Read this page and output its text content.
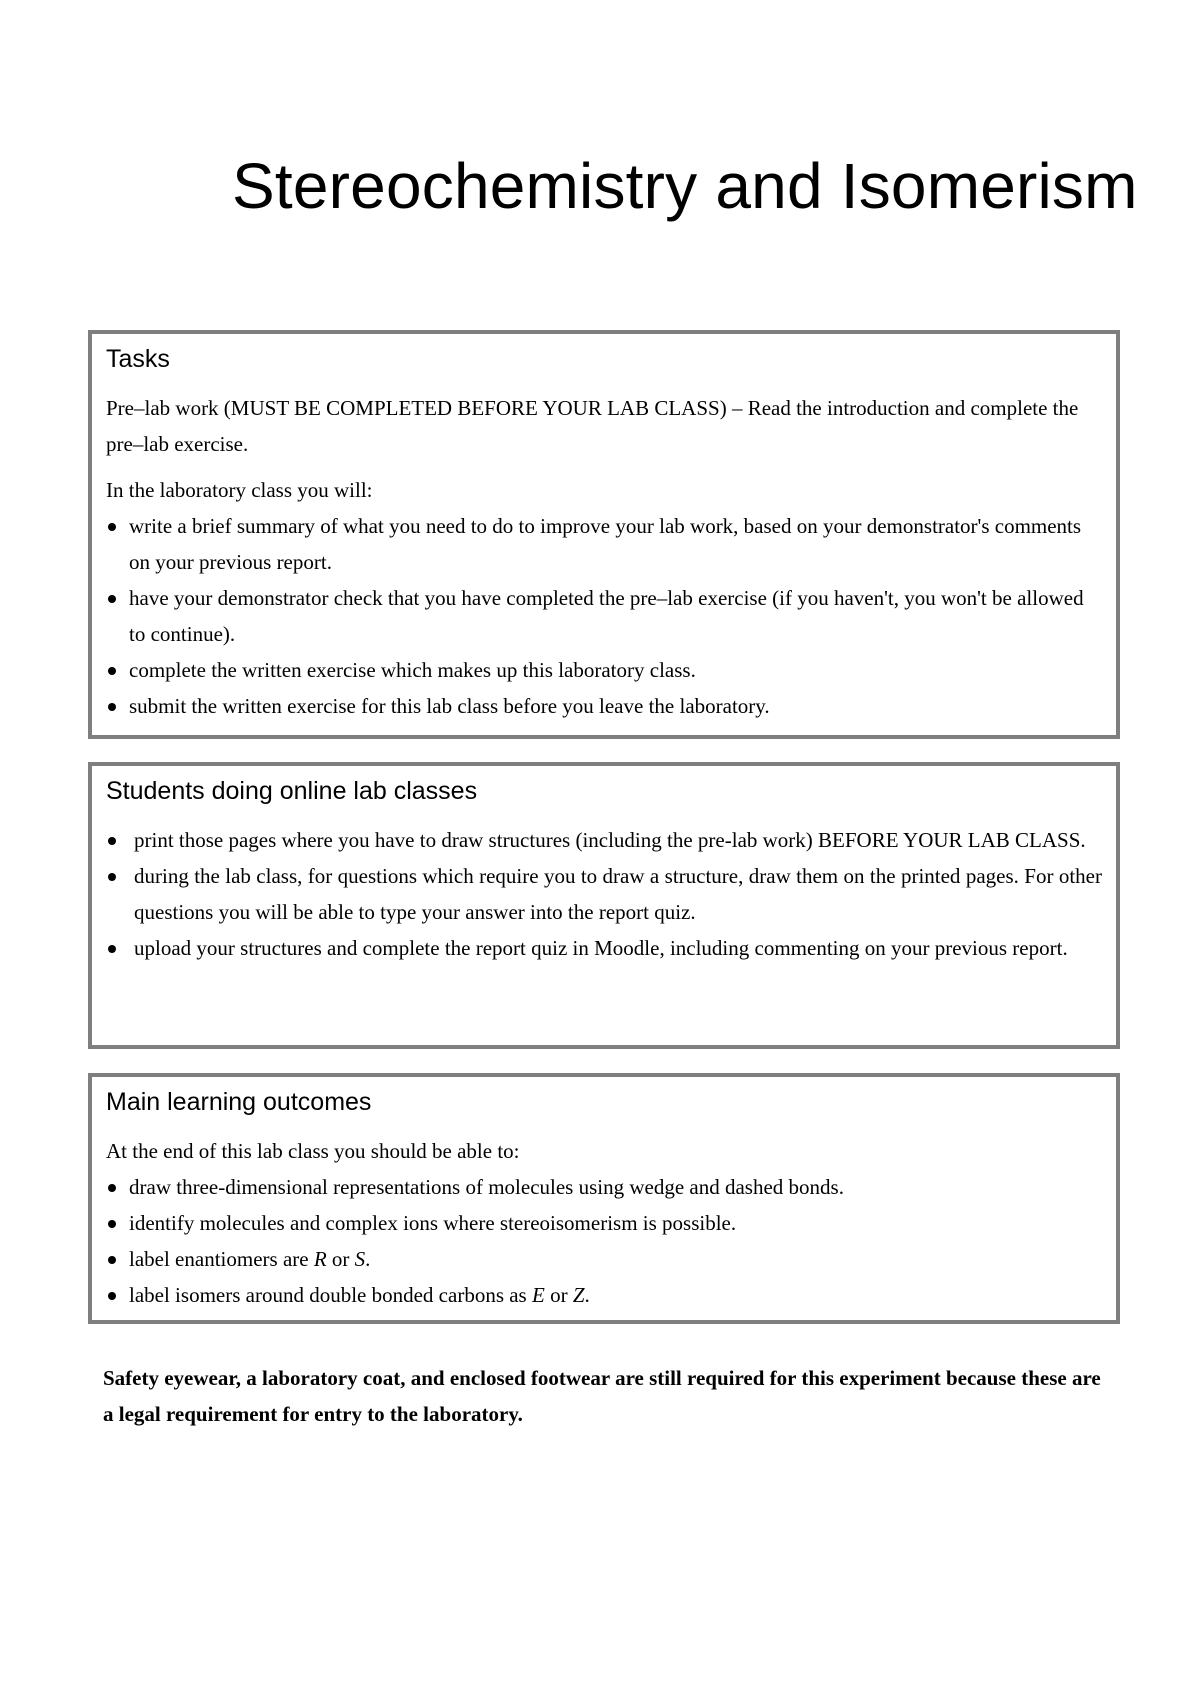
Stereochemistry and Isomerism
Tasks

Pre–lab work (MUST BE COMPLETED BEFORE YOUR LAB CLASS) – Read the introduction and complete the pre–lab exercise.

In the laboratory class you will:

write a brief summary of what you need to do to improve your lab work, based on your demonstrator's comments on your previous report.
have your demonstrator check that you have completed the pre–lab exercise (if you haven't, you won't be allowed to continue).
complete the written exercise which makes up this laboratory class.
submit the written exercise for this lab class before you leave the laboratory.
Students doing online lab classes
print those pages where you have to draw structures (including the pre-lab work) BEFORE YOUR LAB CLASS.
during the lab class, for questions which require you to draw a structure, draw them on the printed pages. For other questions you will be able to type your answer into the report quiz.
upload your structures and complete the report quiz in Moodle, including commenting on your previous report.
Main learning outcomes

At the end of this lab class you should be able to:

draw three-dimensional representations of molecules using wedge and dashed bonds.
identify molecules and complex ions where stereoisomerism is possible.
label enantiomers are R or S.
label isomers around double bonded carbons as E or Z.

Safety eyewear, a laboratory coat, and enclosed footwear are still required for this experiment because these are a legal requirement for entry to the laboratory.
